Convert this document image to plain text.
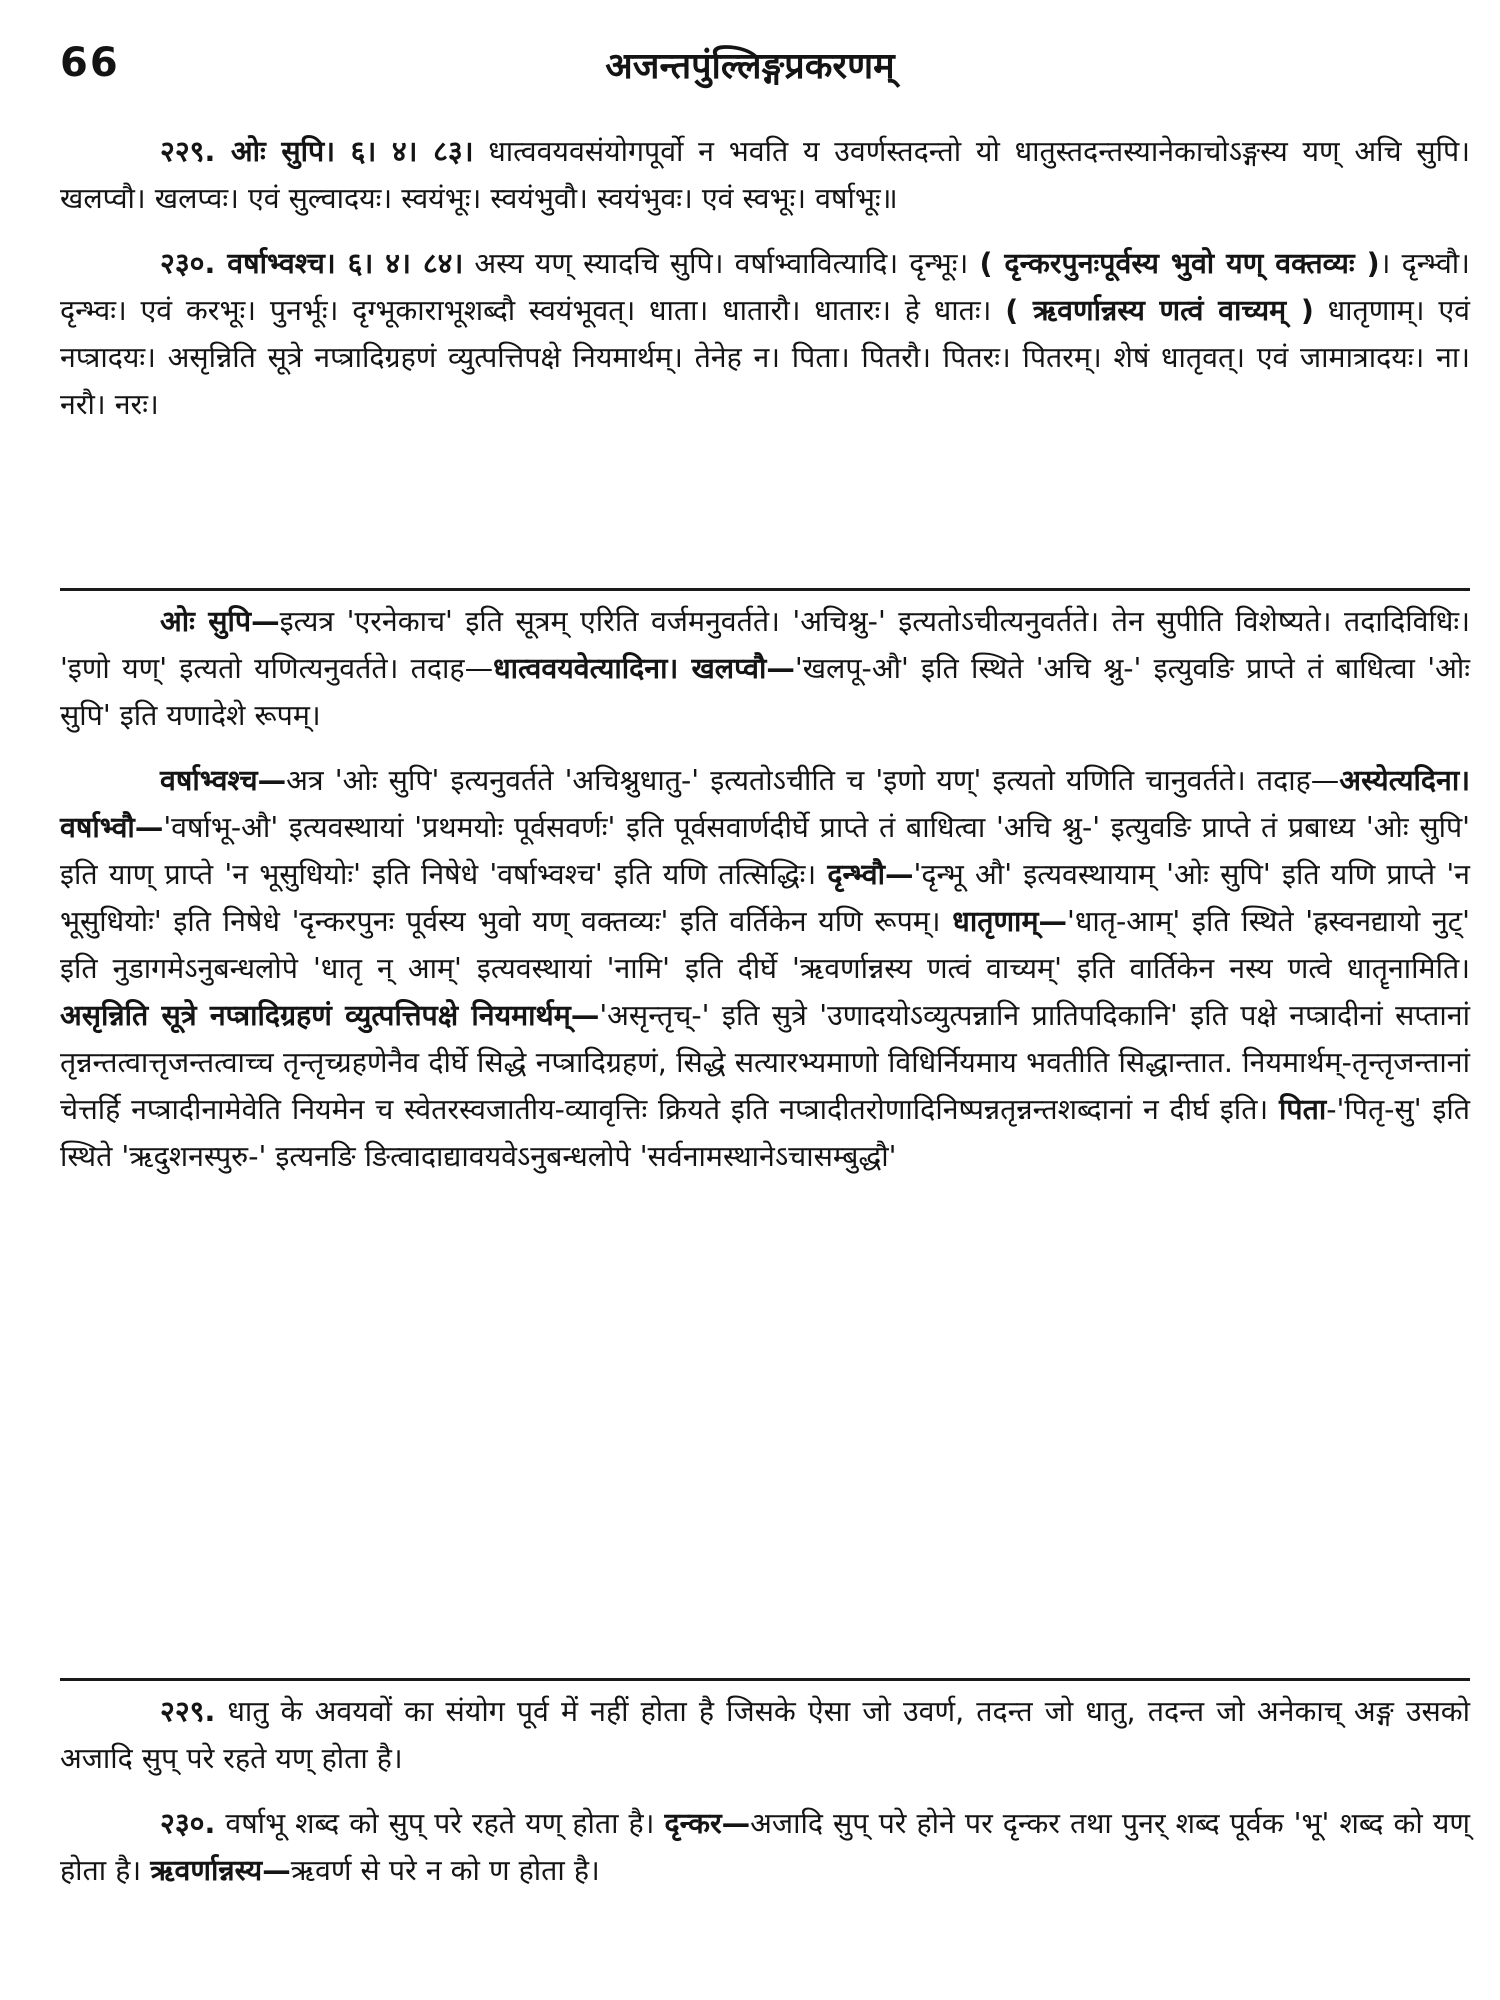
66	अजन्तपुंल्लिङ्गप्रकरणम्

२२९. ओः सुपि। ६। ४। ८३। धात्ववयवसंयोगपूर्वो न भवति य उवर्णस्तदन्तो यो धातुस्तदन्तस्यानेकाचोऽङ्गस्य यण् अचि सुपि। खलप्वौ। खलप्वः। एवं सुल्वादयः। स्वयंभूः। स्वयंभुवौ। स्वयंभुवः। एवं स्वभूः। वर्षाभूः॥

२३०. वर्षाभ्वश्च। ६। ४। ८४। अस्य यण् स्यादचि सुपि। वर्षाभ्वावित्यादि। दृन्भूः। ( दृन्करपुनःपूर्वस्य भुवो यण् वक्तव्यः )। दृन्भ्वौ। दृन्भ्वः। एवं करभूः। पुनर्भूः। दृग्भूकाराभूशब्दौ स्वयंभूवत्। धाता। धातारौ। धातारः। हे धातः। ( ऋवर्णान्नस्य णत्वं वाच्यम् ) धातृणाम्। एवं नप्त्रादयः। असृन्निति सूत्रे नप्त्रादिग्रहणं व्युत्पत्तिपक्षे नियमार्थम्। तेनेह न। पिता। पितरौ। पितरः। पितरम्। शेषं धातृवत्। एवं जामात्रादयः। ना। नरौ। नरः।

ओः सुपि—इत्यत्र 'एरनेकाच' इति सूत्रम् एरिति वर्जमनुवर्तते। 'अचिश्नु-' इत्यतोऽचीत्यनुवर्तते। तेन सुपीति विशेष्यते। तदादिविधिः। 'इणो यण्' इत्यतो यणित्यनुवर्तते। तदाह—धात्ववयवेत्यादिना। खलप्वौ—'खलपू-औ' इति स्थिते 'अचि श्नु-' इत्युवङि प्राप्ते तं बाधित्वा 'ओः सुपि' इति यणादेशे रूपम्।

वर्षाभ्वश्च—अत्र 'ओः सुपि' इत्यनुवर्तते 'अचिश्नुधातु-' इत्यतोऽचीति च 'इणो यण्' इत्यतो यणिति चानुवर्तते। तदाह—अस्येत्यदिना। वर्षाभ्वौ—'वर्षाभू-औ' इत्यवस्थायां 'प्रथमयोः पूर्वसवर्णः' इति पूर्वसवार्णदीर्घे प्राप्ते तं बाधित्वा 'अचि श्नु-' इत्युवङि प्राप्ते तं प्रबाध्य 'ओः सुपि' इति याण् प्राप्ते 'न भूसुधियोः' इति निषेधे 'वर्षाभ्वश्च' इति यणि तत्सिद्धिः। दृन्भ्वौ—'दृन्भू औ' इत्यवस्थायाम् 'ओः सुपि' इति यणि प्राप्ते 'न भूसुधियोः' इति निषेधे 'दृन्करपुनः पूर्वस्य भुवो यण् वक्तव्यः' इति वर्तिकेन यणि रूपम्। धातृणाम्—'धातृ-आम्' इति स्थिते 'ह्रस्वनद्यायो नुट्' इति नुडागमेऽनुबन्धलोपे 'धातृ न् आम्' इत्यवस्थायां 'नामि' इति दीर्घे 'ऋवर्णान्नस्य णत्वं वाच्यम्' इति वार्तिकेन नस्य णत्वे धातॄनामिति। असृन्निति सूत्रे नप्त्रादिग्रहणं व्युत्पत्तिपक्षे नियमार्थम्—'असृन्तृच्-' इति सुत्रे 'उणादयोऽव्युत्पन्नानि प्रातिपदिकानि' इति पक्षे नप्त्रादीनां सप्तानां तृन्नन्तत्वात्तृजन्तत्वाच्च तृन्तृच्ग्रहणेनैव दीर्घे सिद्धे नप्त्रादिग्रहणं, सिद्धे सत्यारभ्यमाणो विधिर्नियमाय भवतीति सिद्धान्तात. नियमार्थम्-तृन्तृजन्तानां चेत्तर्हि नप्त्रादीनामेवेति नियमेन च स्वेतरस्वजातीय-व्यावृत्तिः क्रियते इति नप्त्रादीतरोणादिनिष्पन्नतृन्नन्तशब्दानां न दीर्घ इति। पिता-'पितृ-सु' इति स्थिते 'ऋदुशनस्पुरु-' इत्यनङि ङित्वादाद्यावयवेऽनुबन्धलोपे 'सर्वनामस्थानेऽचासम्बुद्धौ'

२२९. धातु के अवयवों का संयोग पूर्व में नहीं होता है जिसके ऐसा जो उवर्ण, तदन्त जो धातु, तदन्त जो अनेकाच् अङ्ग उसको अजादि सुप् परे रहते यण् होता है।

२३०. वर्षाभू शब्द को सुप् परे रहते यण् होता है। दृन्कर—अजादि सुप् परे होने पर दृन्कर तथा पुनर् शब्द पूर्वक 'भू' शब्द को यण् होता है। ऋवर्णान्नस्य—ऋवर्ण से परे न को ण होता है।
